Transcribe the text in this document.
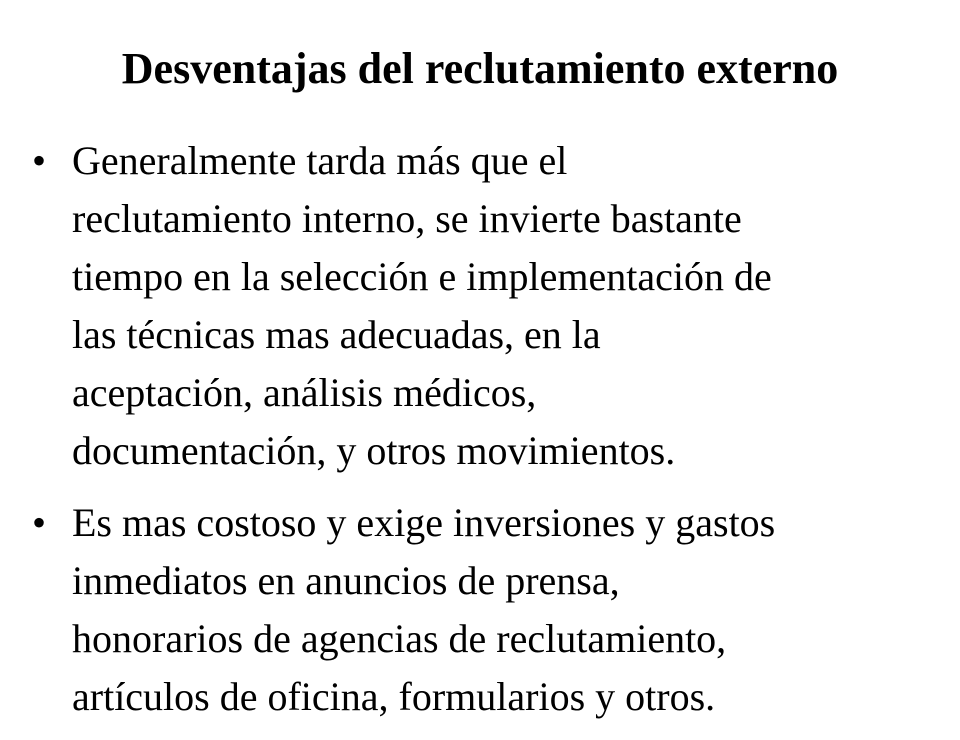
Desventajas del reclutamiento externo
• Generalmente tarda más que el
reclutamiento interno, se invierte bastante
tiempo en la selección e implementación de
las técnicas mas adecuadas, en la
aceptación, análisis médicos,
documentación, y otros movimientos.
• Es mas costoso y exige inversiones y gastos
inmediatos en anuncios de prensa,
honorarios de agencias de reclutamiento,
artículos de oficina, formularios y otros.
